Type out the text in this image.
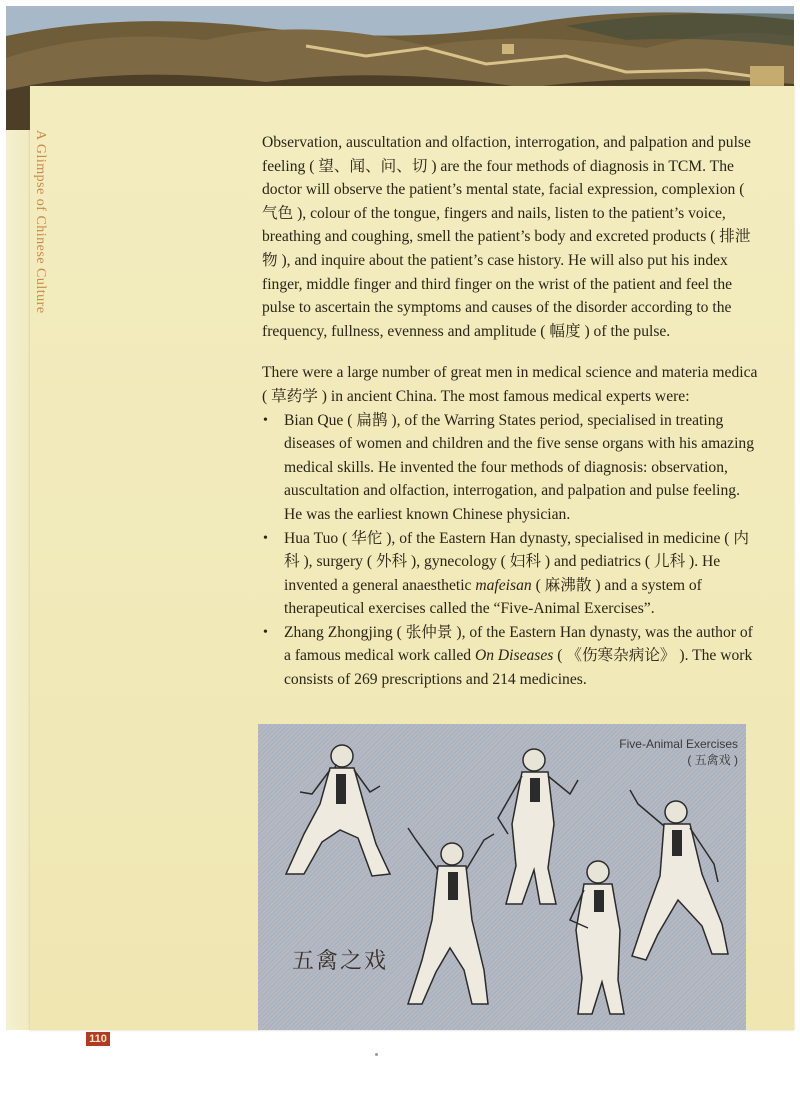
A Glimpse of Chinese Culture	Observation, auscultation and olfaction, interrogation, and palpation and pulse feeling ( 望、闻、问、切 ) are the four methods of diagnosis in TCM. The doctor will observe the patient’s mental state, facial expression, complexion ( 气色 ), colour of the tongue, fingers and nails, listen to the patient’s voice, breathing and coughing, smell the patient’s body and excreted products ( 排泄物 ), and inquire about the patient’s case history. He will also put his index finger, middle finger and third finger on the wrist of the patient and feel the pulse to ascertain the symptoms and causes of the disorder according to the frequency, fullness, evenness and amplitude ( 幅度 ) of the pulse.

There were a large number of great men in medical science and materia medica ( 草药学 ) in ancient China. The most famous medical experts were:

• Bian Que ( 扁鹊 ), of the Warring States period, specialised in treating diseases of women and children and the five sense organs with his amazing medical skills. He invented the four methods of diagnosis: observation, auscultation and olfaction, interrogation, and palpation and pulse feeling. He was the earliest known Chinese physician.
• Hua Tuo ( 华佗 ), of the Eastern Han dynasty, specialised in medicine ( 内科 ), surgery ( 外科 ), gynecology ( 妇科 ) and pediatrics ( 儿科 ). He invented a general anaesthetic mafeisan ( 麻沸散 ) and a system of therapeutical exercises called the “Five-Animal Exercises”.
• Zhang Zhongjing ( 张仲景 ), of the Eastern Han dynasty, was the author of a famous medical work called On Diseases ( 《伤寒杂病论》 ). The work consists of 269 prescriptions and 214 medicines.
Five-Animal Exercises
( 五禽戏 )
五禽之戏
110
